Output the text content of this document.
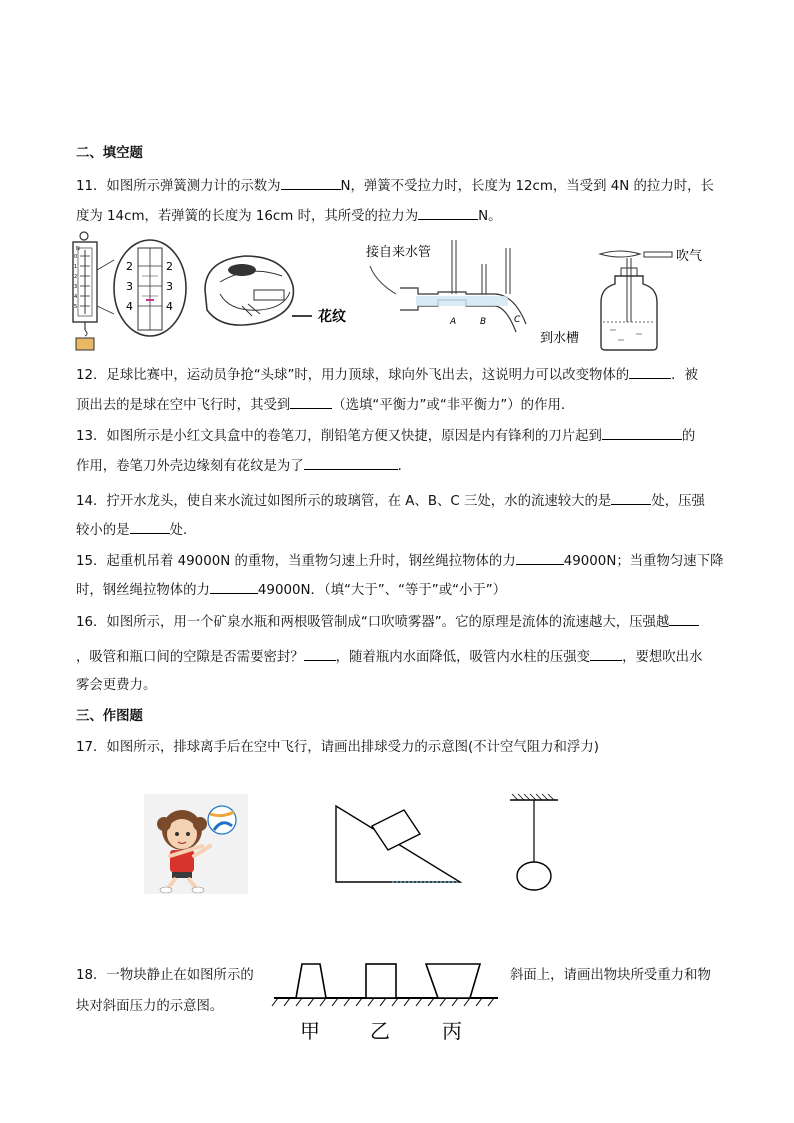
二、填空题
11．如图所示弹簧测力计的示数为	N，弹簧不受拉力时，长度为 12cm，当受到 4N 的拉力时，长
度为 14cm，若弹簧的长度为 16cm 时，其所受的拉力为	N。
N
0
1
2
3
4
5
2
3
4
2
3
4
花纹
接自来水管
A	B	C
到水槽
吹气
12．足球比赛中，运动员争抢“头球”时，用力顶球，球向外飞出去，这说明力可以改变物体的	．被
顶出去的是球在空中飞行时，其受到	（选填“平衡力”或“非平衡力”）的作用．
13．如图所示是小红文具盒中的卷笔刀，削铅笔方便又快捷，原因是内有锋利的刀片起到	的
作用，卷笔刀外壳边缘刻有花纹是为了	．
14．拧开水龙头，使自来水流过如图所示的玻璃管，在 A、B、C 三处，水的流速较大的是	处，压强
较小的是	处．
15．起重机吊着 49000N 的重物，当重物匀速上升时，钢丝绳拉物体的力	49000N；当重物匀速下降
时，钢丝绳拉物体的力	49000N．（填“大于”、“等于”或“小于”）
16．如图所示，用一个矿泉水瓶和两根吸管制成“口吹喷雾器”。它的原理是流体的流速越大，压强越
，吸管和瓶口间的空隙是否需要密封？ ，随着瓶内水面降低，吸管内水柱的压强变 ，要想吹出水
雾会更费力。
三、作图题
17．如图所示，排球离手后在空中飞行，请画出排球受力的示意图(不计空气阻力和浮力)
18．一物块静止在如图所示的	斜面上，请画出物块所受重力和物
块对斜面压力的示意图。
甲	乙	丙
